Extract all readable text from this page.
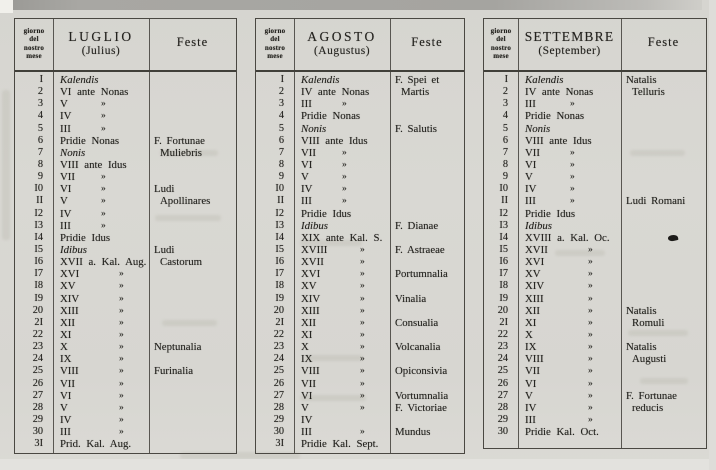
giorno
del
nostro
mese
LUGLIO
(Julius)
Feste
I	Kalendis
2	VI ante Nonas
3	V	»
4	IV	»
5	III	»
6	Pridie Nonas	F. Fortunae
7	Nonis	Muliebris
8	VIII ante Idus
9	VII	»
I0	VI	»	Ludi
II	V	»	Apollinares
I2	IV	»
I3	III	»
I4	Pridie Idus
I5	Idibus	Ludi
I6	XVII a. Kal. Aug.	Castorum
I7	XVI	»
I8	XV	»
I9	XIV	»
20	XIII	»
2I	XII	»
22	XI	»
23	X	»	Neptunalia
24	IX	»
25	VIII	»	Furinalia
26	VII	»
27	VI	»
28	V	»
29	IV	»
30	III	»
3I	Prid. Kal. Aug.
giorno
del
nostro
mese
AGOSTO
(Augustus)
Feste
I	Kalendis	F. Spei et
2	IV ante Nonas	Martis
3	III	»
4	Pridie Nonas
5	Nonis	F. Salutis
6	VIII ante Idus
7	VII	»
8	VI	»
9	V	»
I0	IV	»
II	III	»
I2	Pridie Idus
I3	Idibus	F. Dianae
I4	XIX ante Kal. S.
I5	XVIII	»	F. Astraeae
I6	XVII	»
I7	XVI	»	Portumnalia
I8	XV	»
I9	XIV	»	Vinalia
20	XIII	»
2I	XII	»	Consualia
22	XI	»
23	X	»	Volcanalia
24	IX	»
25	VIII	»	Opiconsivia
26	VII	»
27	VI	»	Vortumnalia
28	V	»	F. Victoriae
29	IV
30	III	»	Mundus
3I	Pridie Kal. Sept.
giorno
del
nostro
mese
SETTEMBRE
(September)
Feste
I	Kalendis	Natalis
2	IV ante Nonas	Telluris
3	III	»
4	Pridie Nonas
5	Nonis
6	VIII ante Idus
7	VII	»
8	VI	»
9	V	»
I0	IV	»
II	III	»	Ludi Romani
I2	Pridie Idus
I3	Idibus
I4	XVIII a. Kal. Oc.
I5	XVII	»
I6	XVI	»
I7	XV	»
I8	XIV	»
I9	XIII	»
20	XII	»	Natalis
2I	XI	»	Romuli
22	X	»
23	IX	»	Natalis
24	VIII	»	Augusti
25	VII	»
26	VI	»
27	V	»	F. Fortunae
28	IV	»	reducis
29	III	»
30	Pridie Kal. Oct.
